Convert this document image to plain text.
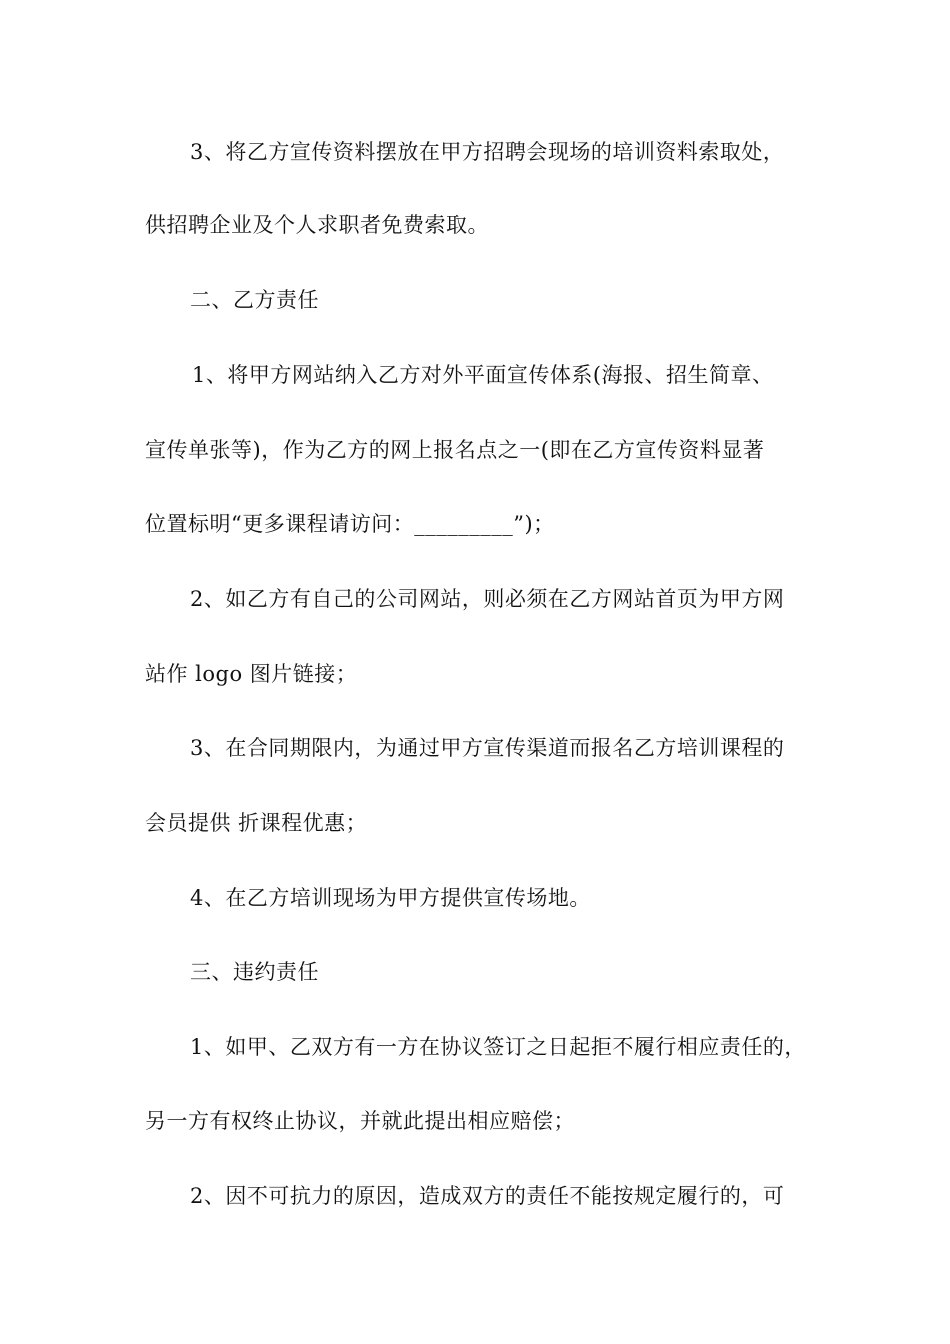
3、将乙方宣传资料摆放在甲方招聘会现场的培训资料索取处，
供招聘企业及个人求职者免费索取。
二、乙方责任
1、将甲方网站纳入乙方对外平面宣传体系(海报、招生简章、
宣传单张等)，作为乙方的网上报名点之一(即在乙方宣传资料显著
位置标明“更多课程请访问：_________”)；
2、如乙方有自己的公司网站，则必须在乙方网站首页为甲方网
站作 logo 图片链接；
3、在合同期限内，为通过甲方宣传渠道而报名乙方培训课程的
会员提供 折课程优惠；
4、在乙方培训现场为甲方提供宣传场地。
三、违约责任
1、如甲、乙双方有一方在协议签订之日起拒不履行相应责任的，
另一方有权终止协议，并就此提出相应赔偿；
2、因不可抗力的原因，造成双方的责任不能按规定履行的，可
